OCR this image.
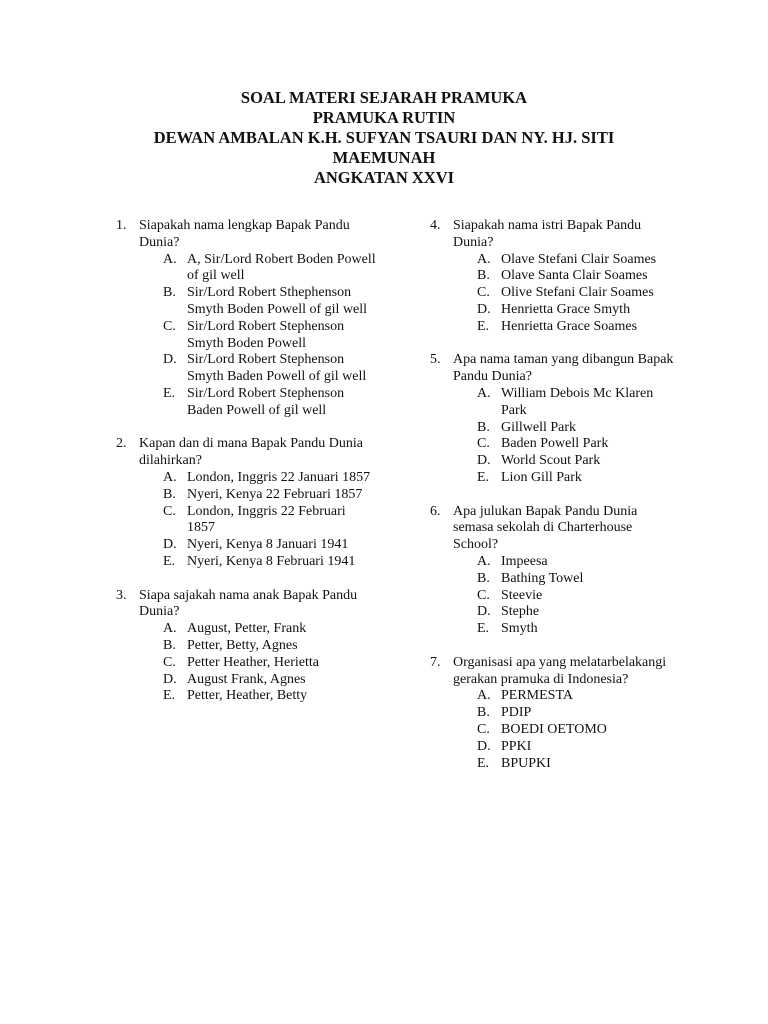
SOAL MATERI SEJARAH PRAMUKA
PRAMUKA RUTIN
DEWAN AMBALAN K.H. SUFYAN TSAURI DAN NY. HJ. SITI
MAEMUNAH
ANGKATAN XXVI
1. Siapakah nama lengkap Bapak Pandu Dunia?
A. A, Sir/Lord Robert Boden Powell of gil well
B. Sir/Lord Robert Sthephenson Smyth Boden Powell of gil well
C. Sir/Lord Robert Stephenson Smyth Boden Powell
D. Sir/Lord Robert Stephenson Smyth Baden Powell of gil well
E. Sir/Lord Robert Stephenson Baden Powell of gil well
2. Kapan dan di mana Bapak Pandu Dunia dilahirkan?
A. London, Inggris 22 Januari 1857
B. Nyeri, Kenya 22 Februari 1857
C. London, Inggris 22 Februari 1857
D. Nyeri, Kenya 8 Januari 1941
E. Nyeri, Kenya 8 Februari 1941
3. Siapa sajakah nama anak Bapak Pandu Dunia?
A. August, Petter, Frank
B. Petter, Betty, Agnes
C. Petter Heather, Herietta
D. August Frank, Agnes
E. Petter, Heather, Betty
4. Siapakah nama istri Bapak Pandu Dunia?
A. Olave Stefani Clair Soames
B. Olave Santa Clair Soames
C. Olive Stefani Clair Soames
D. Henrietta Grace Smyth
E. Henrietta Grace Soames
5. Apa nama taman yang dibangun Bapak Pandu Dunia?
A. William Debois Mc Klaren Park
B. Gillwell Park
C. Baden Powell Park
D. World Scout Park
E. Lion Gill Park
6. Apa julukan Bapak Pandu Dunia semasa sekolah di Charterhouse School?
A. Impeesa
B. Bathing Towel
C. Steevie
D. Stephe
E. Smyth
7. Organisasi apa yang melatarbelakangi gerakan pramuka di Indonesia?
A. PERMESTA
B. PDIP
C. BOEDI OETOMO
D. PPKI
E. BPUPKI
